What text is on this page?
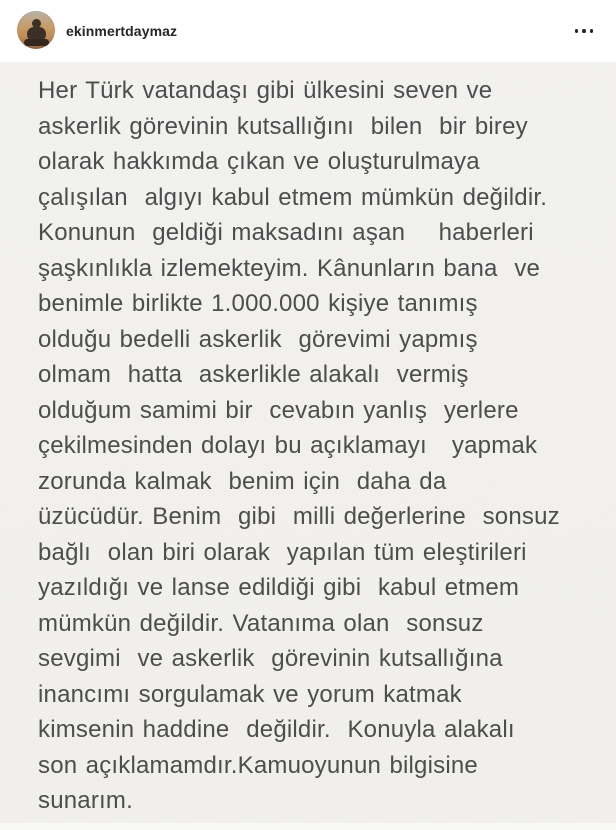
ekinmertdaymaz
Her Türk vatandaşı gibi ülkesini seven ve
askerlik görevinin kutsallığını  bilen  bir birey
olarak hakkımda çıkan ve oluşturulmaya
çalışılan  algıyı kabul etmem mümkün değildir.
Konunun  geldiği maksadını aşan    haberleri
şaşkınlıkla izlemekteyim. Kânunların bana  ve
benimle birlikte 1.000.000 kişiye tanımış
olduğu bedelli askerlik  görevimi yapmış
olmam  hatta  askerlikle alakalı  vermiş
olduğum samimi bir  cevabın yanlış  yerlere
çekilmesinden dolayı bu açıklamayı   yapmak
zorunda kalmak  benim için  daha da
üzücüdür. Benim  gibi  milli değerlerine  sonsuz
bağlı  olan biri olarak  yapılan tüm eleştirileri
yazıldığı ve lanse edildiği gibi  kabul etmem
mümkün değildir. Vatanıma olan  sonsuz
sevgimi  ve askerlik  görevinin kutsallığına
inancımı sorgulamak ve yorum katmak
kimsenin haddine  değildir.  Konuyla alakalı
son açıklamamdır.Kamuoyunun bilgisine
sunarım.
